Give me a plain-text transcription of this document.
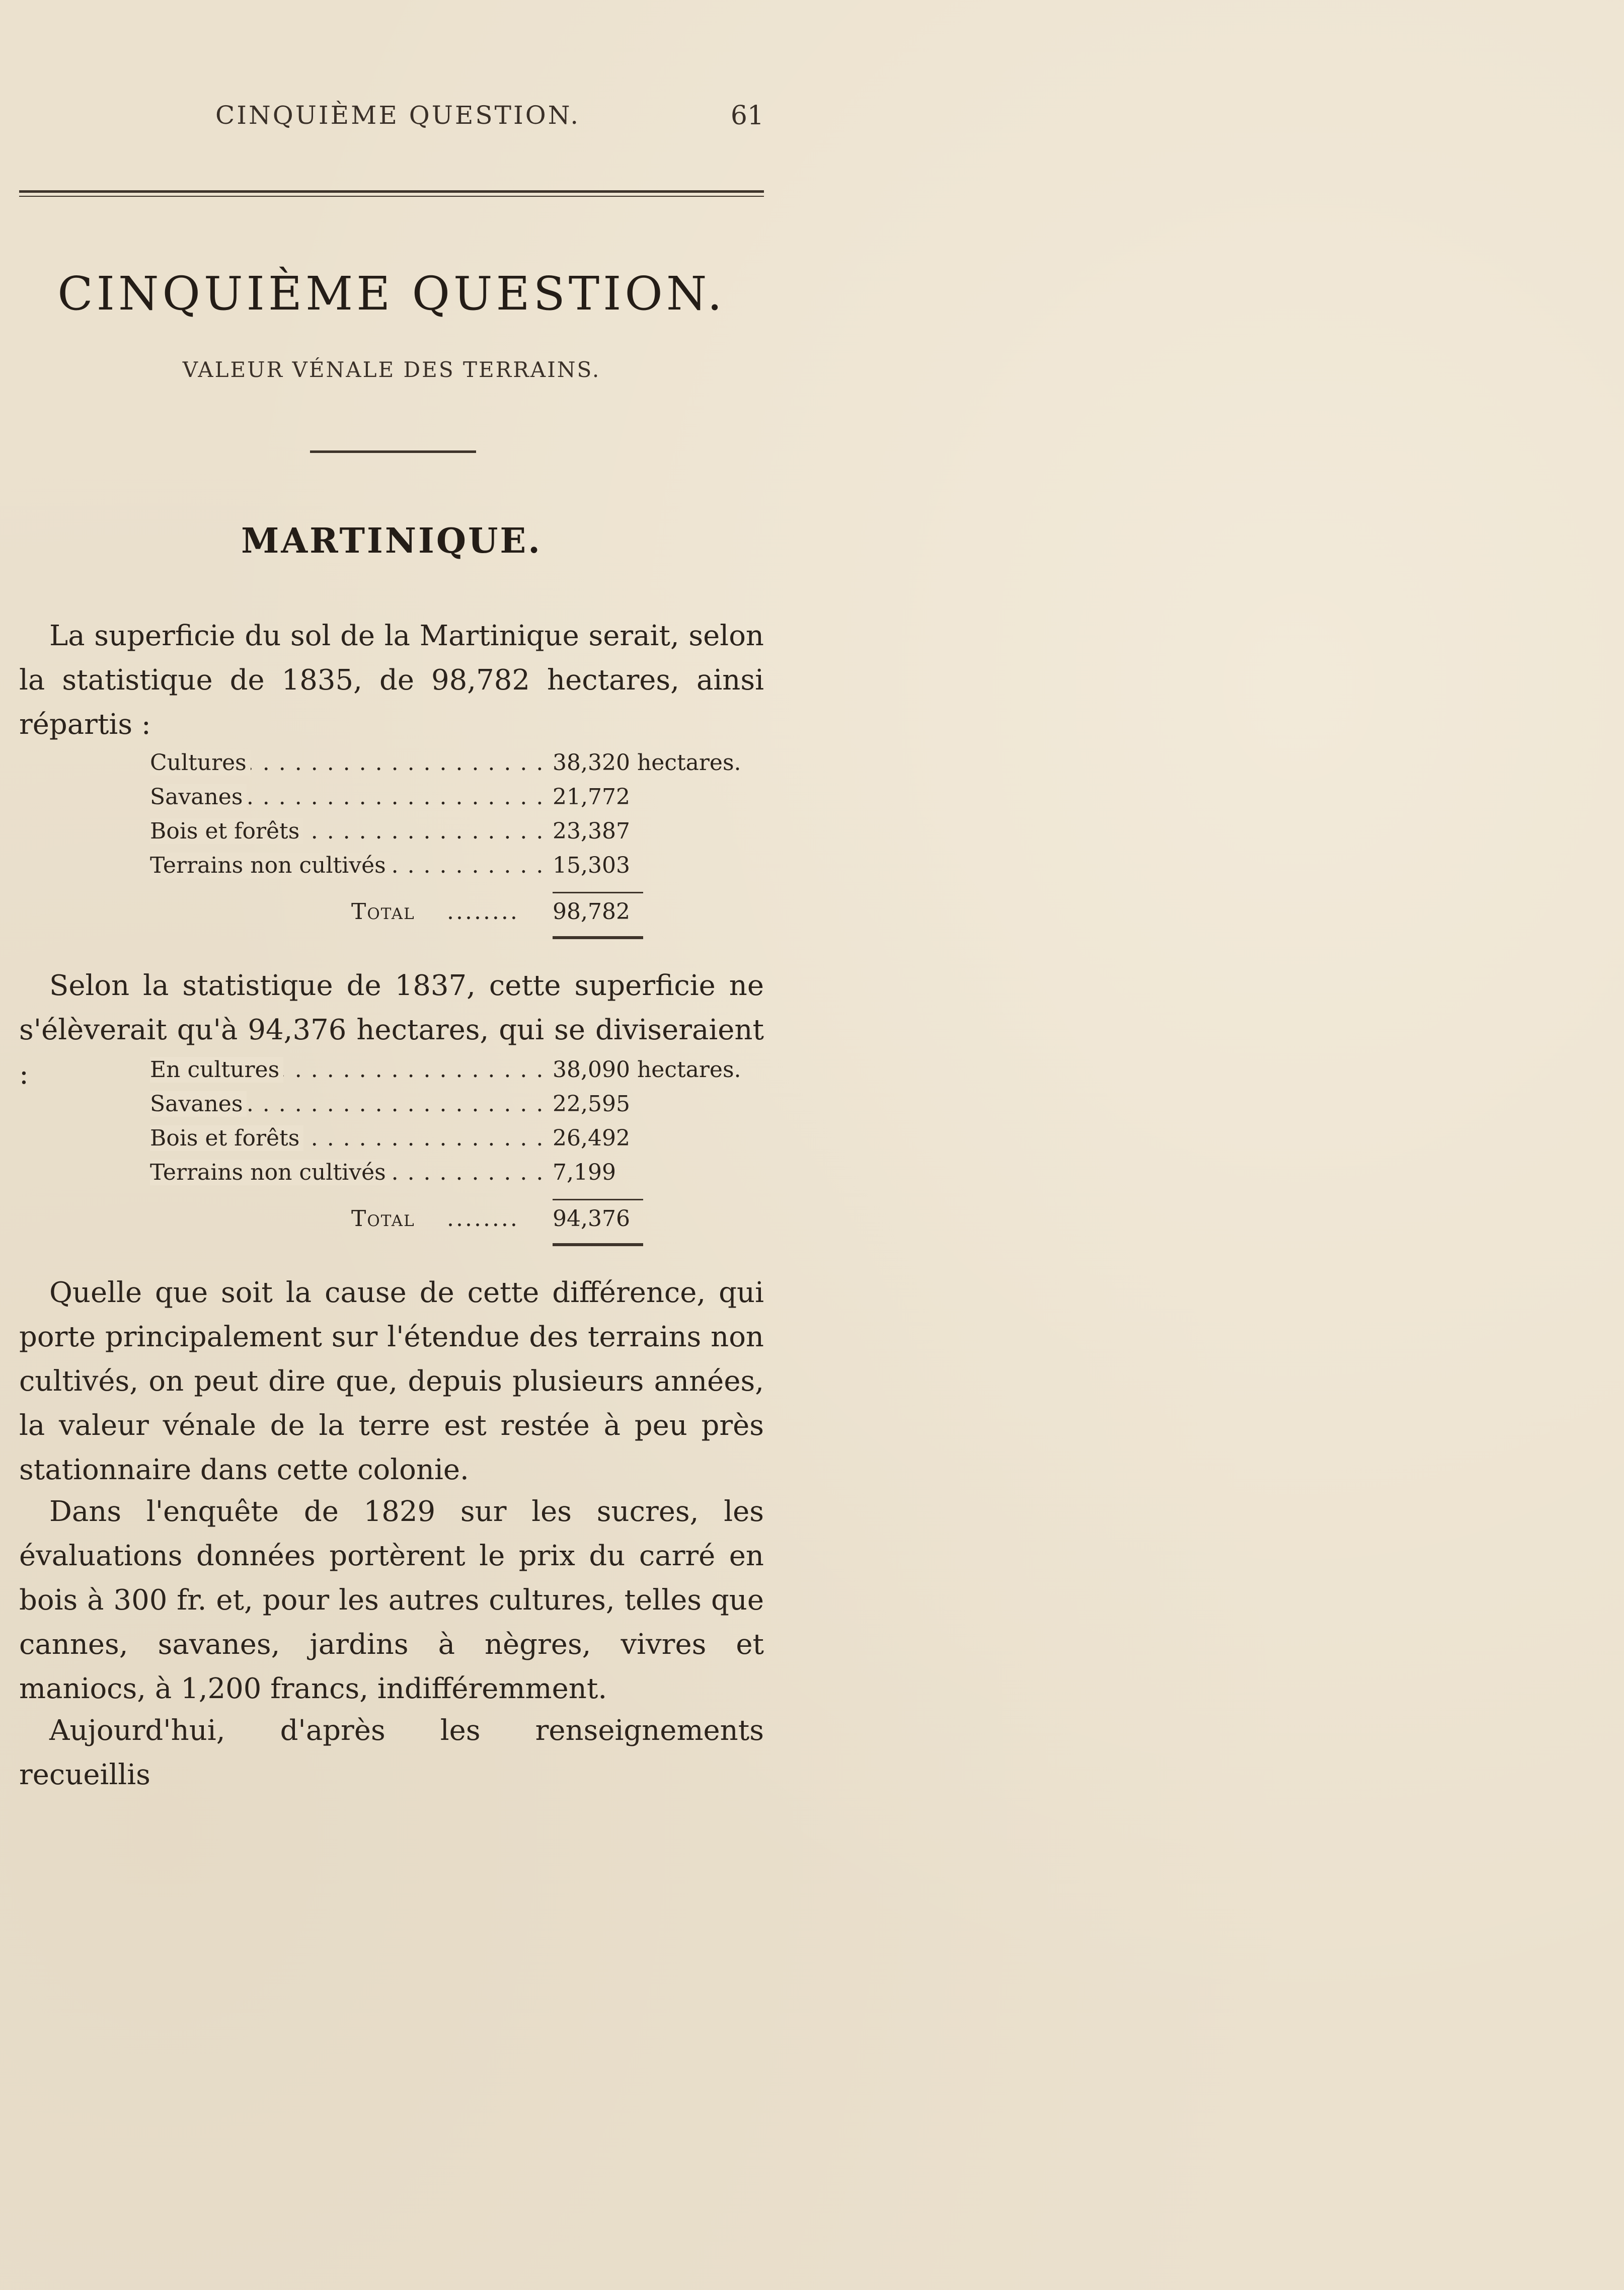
CINQUIÈME QUESTION.	61
CINQUIÈME QUESTION.
VALEUR VÉNALE DES TERRAINS.
MARTINIQUE.

La superficie du sol de la Martinique serait, selon la statistique de 1835, de 98,782 hectares, ainsi répartis :

Cultures . . .	38,320 hectares.
Savanes . . .	21,772
Bois et forêts . . .	23,387
Terrains non cultivés . . .	15,303
Total ........ 98,782

Selon la statistique de 1837, cette superficie ne s'élèverait qu'à 94,376 hectares, qui se diviseraient :	En cultures . . .	38,090 hectares.
Savanes . . .	22,595
Bois et forêts . . .	26,492
Terrains non cultivés . . .	7,199
Total ........ 94,376

Quelle que soit la cause de cette différence, qui porte principalement sur l'étendue des terrains non cultivés, on peut dire que, depuis plusieurs années, la valeur vénale de la terre est restée à peu près stationnaire dans cette colonie.

Dans l'enquête de 1829 sur les sucres, les évaluations données portèrent le prix du carré en bois à 300 fr. et, pour les autres cultures, telles que cannes, savanes, jardins à nègres, vivres et maniocs, à 1,200 francs, indifféremment.

Aujourd'hui, d'après les renseignements recueillis
